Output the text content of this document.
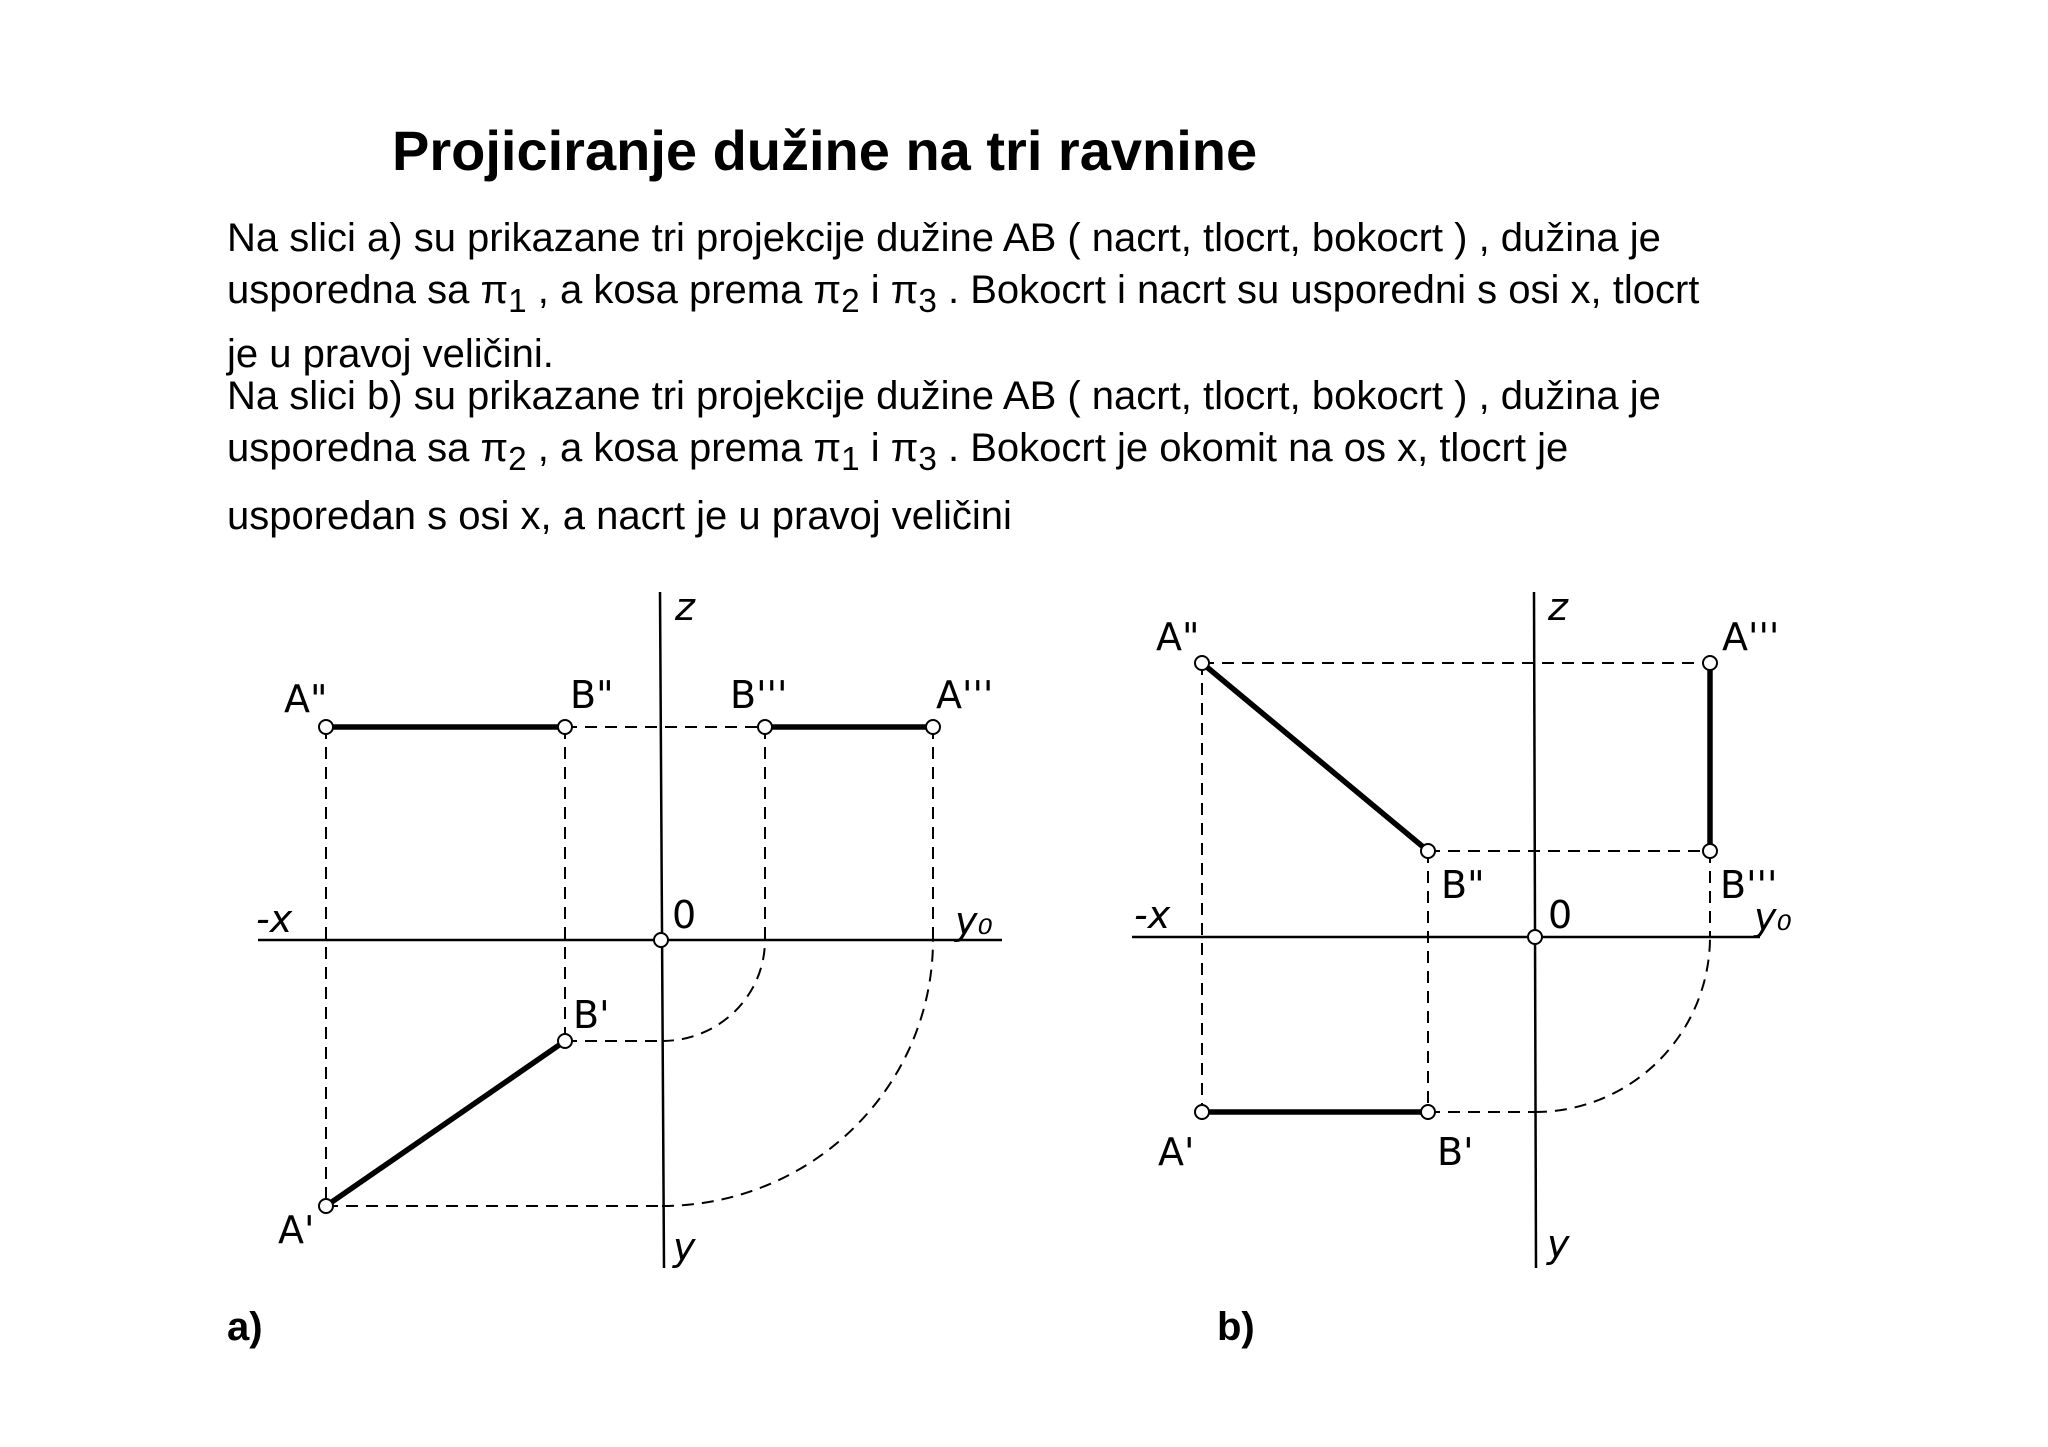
Projiciranje dužine na tri ravnine
Na slici a) su prikazane tri projekcije dužine AB ( nacrt, tlocrt, bokocrt ) , dužina je
usporedna sa $\pi_1$ , a kosa prema $\pi_2$ i $\pi_3$ . Bokocrt i nacrt su usporedni s osi x, tlocrt
je u pravoj veličini.
Na slici b) su prikazane tri projekcije dužine AB ( nacrt, tlocrt, bokocrt ) , dužina je
usporedna sa $\pi_2$ , a kosa prema $\pi_1$ i $\pi_3$ . Bokocrt je okomit na os x, tlocrt je
usporedan s osi x, a nacrt je u pravoj veličini
z
-x	0	y₀
y
A"	B"	B'''	A'''
B'
A'
z
-x	0	y₀
y
A"	A'''
B"	B'''
A'	B'
a)	b)
